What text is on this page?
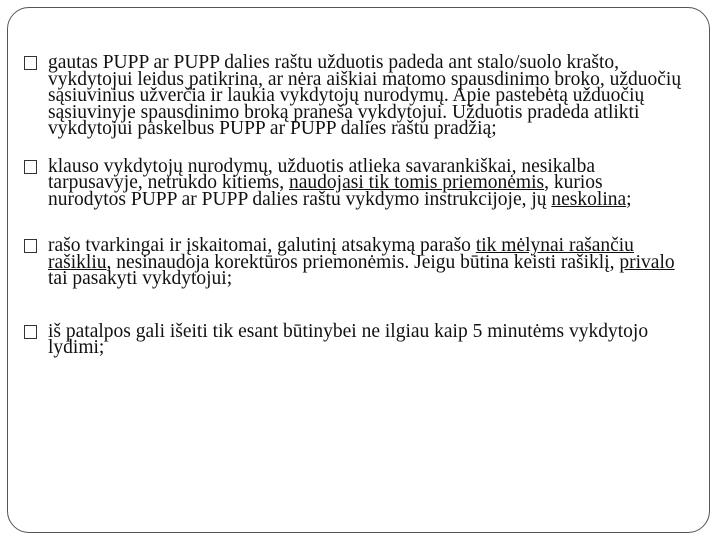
gautas PUPP ar PUPP dalies raštu užduotis padeda ant stalo/suolo krašto, vykdytojui leidus patikrina, ar nėra aiškiai matomo spausdinimo broko, užduočių sąsiuvinius užverčia ir laukia vykdytojų nurodymų. Apie pastebėtą užduočių sąsiuvinyje spausdinimo broką praneša vykdytojui. Užduotis pradeda atlikti vykdytojui paskelbus PUPP ar PUPP dalies raštu pradžią;
klauso vykdytojų nurodymų, užduotis atlieka savarankiškai, nesikalba tarpusavyje, netrukdo kitiems, naudojasi tik tomis priemonėmis, kurios nurodytos PUPP ar PUPP dalies raštu vykdymo instrukcijoje, jų neskolina;
rašo tvarkingai ir įskaitomai, galutinį atsakymą parašo tik mėlynai rašančiu rašikliu, nesinaudoja korektūros priemonėmis. Jeigu būtina keisti rašiklį, privalo tai pasakyti vykdytojui;
iš patalpos gali išeiti tik esant būtinybei ne ilgiau kaip 5 minutėms vykdytojo lydimi;
